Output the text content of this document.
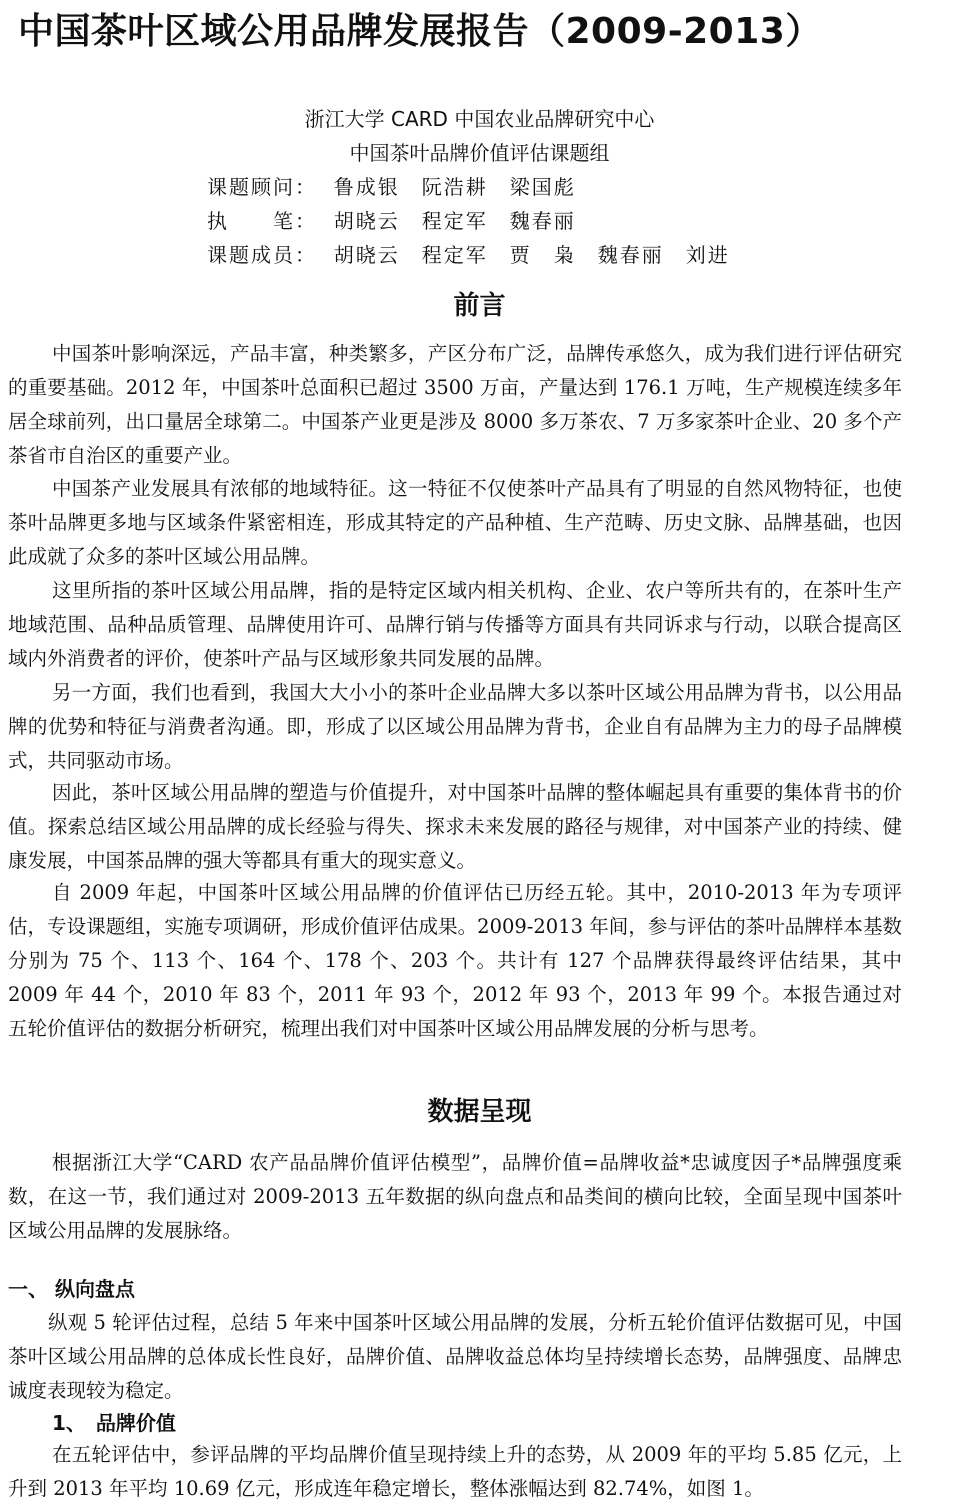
中国茶叶区域公用品牌发展报告（2009-2013）
浙江大学 CARD 中国农业品牌研究中心
中国茶叶品牌价值评估课题组
课题顾问： 鲁成银　阮浩耕　梁国彪
执　　笔： 胡晓云　程定军　魏春丽
课题成员： 胡晓云　程定军　贾　枭　魏春丽　刘进
前言
中国茶叶影响深远，产品丰富，种类繁多，产区分布广泛，品牌传承悠久，成为我们进行评估研究的重要基础。2012 年，中国茶叶总面积已超过 3500 万亩，产量达到 176.1 万吨，生产规模连续多年居全球前列，出口量居全球第二。中国茶产业更是涉及 8000 多万茶农、7 万多家茶叶企业、20 多个产茶省市自治区的重要产业。
中国茶产业发展具有浓郁的地域特征。这一特征不仅使茶叶产品具有了明显的自然风物特征，也使茶叶品牌更多地与区域条件紧密相连，形成其特定的产品种植、生产范畴、历史文脉、品牌基础，也因此成就了众多的茶叶区域公用品牌。
这里所指的茶叶区域公用品牌，指的是特定区域内相关机构、企业、农户等所共有的，在茶叶生产地域范围、品种品质管理、品牌使用许可、品牌行销与传播等方面具有共同诉求与行动，以联合提高区域内外消费者的评价，使茶叶产品与区域形象共同发展的品牌。
另一方面，我们也看到，我国大大小小的茶叶企业品牌大多以茶叶区域公用品牌为背书，以公用品牌的优势和特征与消费者沟通。即，形成了以区域公用品牌为背书，企业自有品牌为主力的母子品牌模式，共同驱动市场。
因此，茶叶区域公用品牌的塑造与价值提升，对中国茶叶品牌的整体崛起具有重要的集体背书的价值。探索总结区域公用品牌的成长经验与得失、探求未来发展的路径与规律，对中国茶产业的持续、健康发展，中国茶品牌的强大等都具有重大的现实意义。
自 2009 年起，中国茶叶区域公用品牌的价值评估已历经五轮。其中，2010-2013 年为专项评估，专设课题组，实施专项调研，形成价值评估成果。2009-2013 年间，参与评估的茶叶品牌样本基数分别为 75 个、113 个、164 个、178 个、203 个。共计有 127 个品牌获得最终评估结果，其中 2009 年 44 个，2010 年 83 个，2011 年 93 个，2012 年 93 个，2013 年 99 个。本报告通过对五轮价值评估的数据分析研究，梳理出我们对中国茶叶区域公用品牌发展的分析与思考。
数据呈现
根据浙江大学“CARD 农产品品牌价值评估模型”，品牌价值=品牌收益*忠诚度因子*品牌强度乘数，在这一节，我们通过对 2009-2013 五年数据的纵向盘点和品类间的横向比较，全面呈现中国茶叶区域公用品牌的发展脉络。
一、 纵向盘点
纵观 5 轮评估过程，总结 5 年来中国茶叶区域公用品牌的发展，分析五轮价值评估数据可见，中国茶叶区域公用品牌的总体成长性良好，品牌价值、品牌收益总体均呈持续增长态势，品牌强度、品牌忠诚度表现较为稳定。
1、　品牌价值
在五轮评估中，参评品牌的平均品牌价值呈现持续上升的态势，从 2009 年的平均 5.85 亿元，上升到 2013 年平均 10.69 亿元，形成连年稳定增长，整体涨幅达到 82.74%，如图 1。
